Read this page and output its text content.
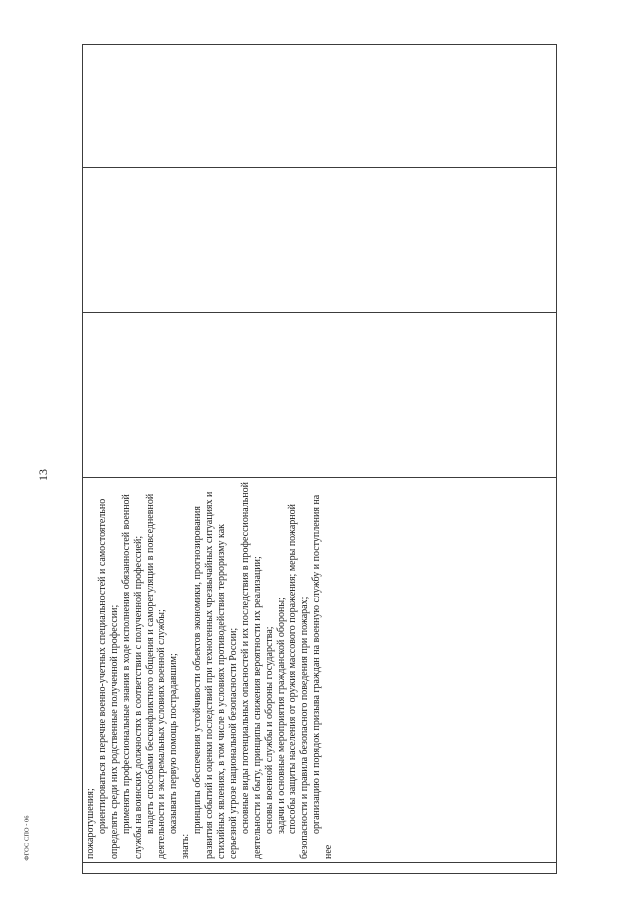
13
ФГОС СПО - 06	пожаротушения; ориентироваться в перечне военно-учетных специальностей и самостоятельно определять среди них родственные полученной профессии; применять профессиональные знания в ходе исполнения обязанностей военной службы на воинских должностях в соответствии с полученной профессией; владеть способами бесконфликтного общения и саморегуляции в повседневной деятельности и экстремальных условиях военной службы; оказывать первую помощь пострадавшим;

знать:

принципы обеспечения устойчивости объектов экономики, прогнозирования развития событий и оценки последствий при техногенных чрезвычайных ситуациях и стихийных явлениях, в том числе в условиях противодействия терроризму как серьезной угрозе национальной безопасности России; основные виды потенциальных опасностей и их последствия в профессиональной деятельности и быту, принципы снижения вероятности их реализации; основы военной службы и обороны государства; задачи и основные мероприятия гражданской обороны; способы защиты населения от оружия массового поражения; меры пожарной безопасности и правила безопасного поведения при пожарах; организацию и порядок призыва граждан на военную службу и поступления на нее
